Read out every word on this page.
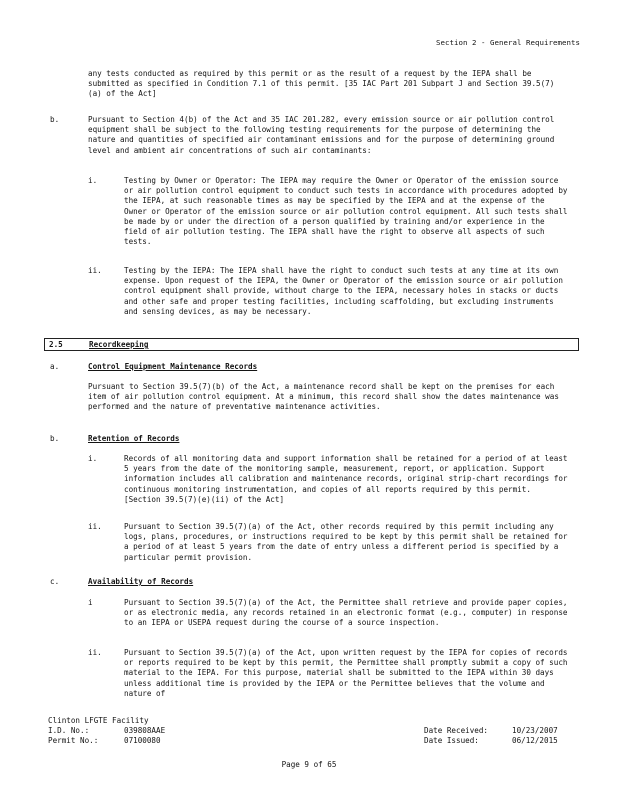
Section 2 - General Requirements
any tests conducted as required by this permit or as the result of a request by the IEPA shall be submitted as specified in Condition 7.1 of this permit. [35 IAC Part 201 Subpart J and Section 39.5(7)(a) of the Act]
b.	Pursuant to Section 4(b) of the Act and 35 IAC 201.282, every emission source or air pollution control equipment shall be subject to the following testing requirements for the purpose of determining the nature and quantities of specified air contaminant emissions and for the purpose of determining ground level and ambient air concentrations of such air contaminants:
i.	Testing by Owner or Operator: The IEPA may require the Owner or Operator of the emission source or air pollution control equipment to conduct such tests in accordance with procedures adopted by the IEPA, at such reasonable times as may be specified by the IEPA and at the expense of the Owner or Operator of the emission source or air pollution control equipment. All such tests shall be made by or under the direction of a person qualified by training and/or experience in the field of air pollution testing. The IEPA shall have the right to observe all aspects of such tests.
ii.	Testing by the IEPA: The IEPA shall have the right to conduct such tests at any time at its own expense. Upon request of the IEPA, the Owner or Operator of the emission source or air pollution control equipment shall provide, without charge to the IEPA, necessary holes in stacks or ducts and other safe and proper testing facilities, including scaffolding, but excluding instruments and sensing devices, as may be necessary.
2.5	Recordkeeping
a.	Control Equipment Maintenance Records
Pursuant to Section 39.5(7)(b) of the Act, a maintenance record shall be kept on the premises for each item of air pollution control equipment. At a minimum, this record shall show the dates maintenance was performed and the nature of preventative maintenance activities.
b.	Retention of Records
i.	Records of all monitoring data and support information shall be retained for a period of at least 5 years from the date of the monitoring sample, measurement, report, or application. Support information includes all calibration and maintenance records, original strip-chart recordings for continuous monitoring instrumentation, and copies of all reports required by this permit. [Section 39.5(7)(e)(ii) of the Act]
ii.	Pursuant to Section 39.5(7)(a) of the Act, other records required by this permit including any logs, plans, procedures, or instructions required to be kept by this permit shall be retained for a period of at least 5 years from the date of entry unless a different period is specified by a particular permit provision.
c.	Availability of Records
i	Pursuant to Section 39.5(7)(a) of the Act, the Permittee shall retrieve and provide paper copies, or as electronic media, any records retained in an electronic format (e.g., computer) in response to an IEPA or USEPA request during the course of a source inspection.
ii.	Pursuant to Section 39.5(7)(a) of the Act, upon written request by the IEPA for copies of records or reports required to be kept by this permit, the Permittee shall promptly submit a copy of such material to the IEPA. For this purpose, material shall be submitted to the IEPA within 30 days unless additional time is provided by the IEPA or the Permittee believes that the volume and nature of
Clinton LFGTE Facility
I.D. No.:	039808AAE
Permit No.:	07100080
Date Received:	10/23/2007
Date Issued:	06/12/2015
Page 9 of 65
